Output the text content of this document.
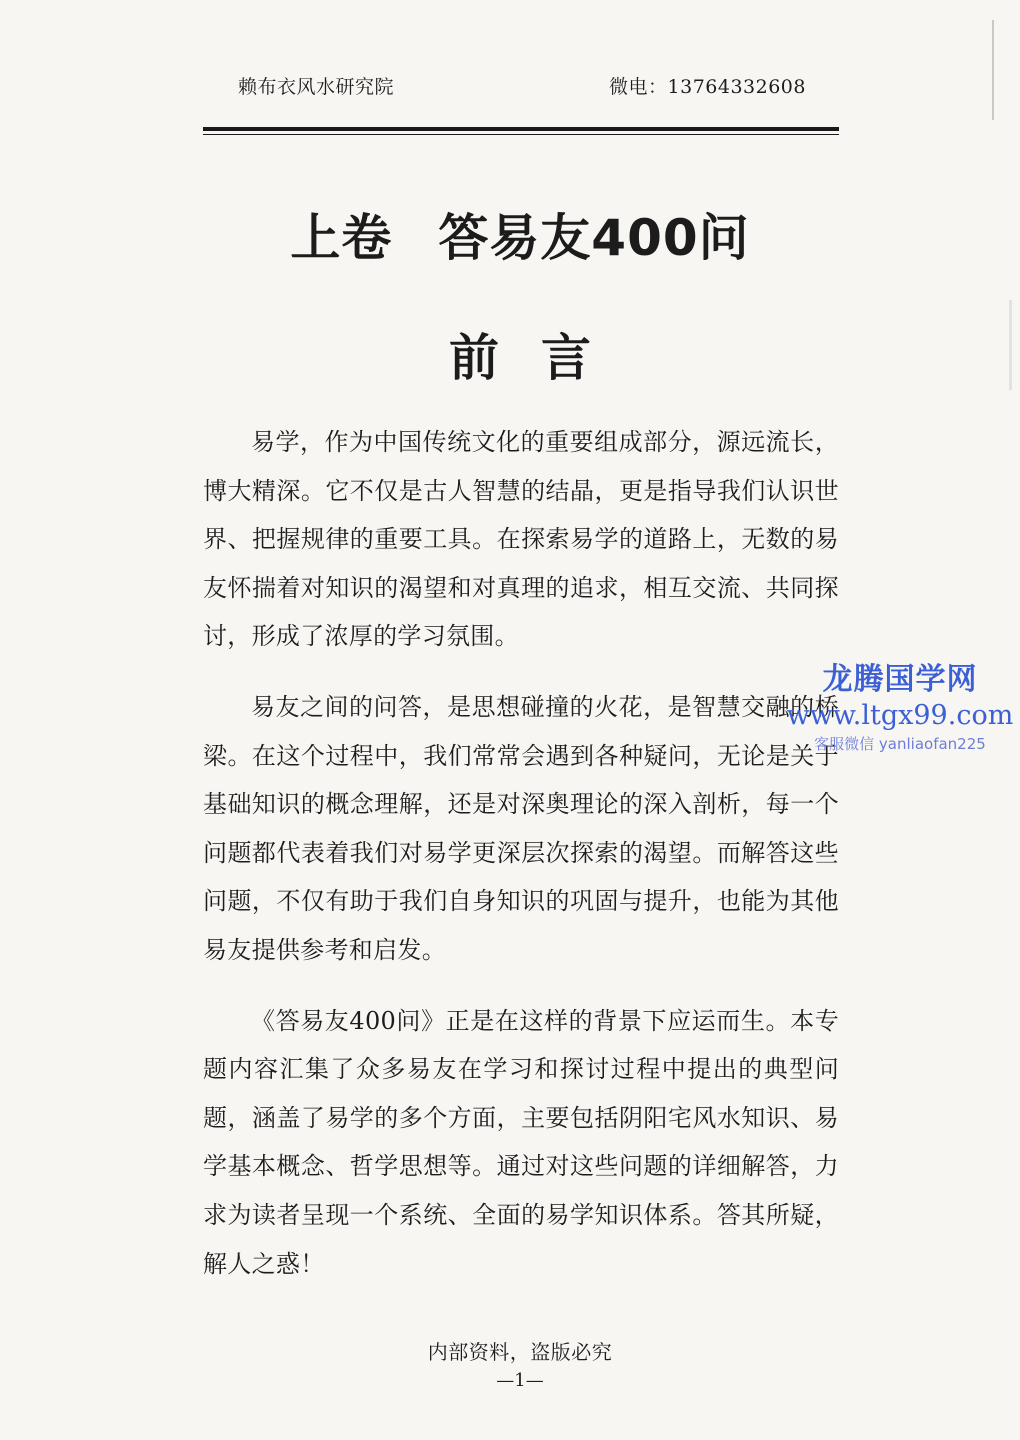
赖布衣风水研究院	微电：13764332608
上卷 答易友400问
前 言

易学，作为中国传统文化的重要组成部分，源远流长，博大精深。它不仅是古人智慧的结晶，更是指导我们认识世界、把握规律的重要工具。在探索易学的道路上，无数的易友怀揣着对知识的渴望和对真理的追求，相互交流、共同探讨，形成了浓厚的学习氛围。

易友之间的问答，是思想碰撞的火花，是智慧交融的桥梁。在这个过程中，我们常常会遇到各种疑问，无论是关于基础知识的概念理解，还是对深奥理论的深入剖析，每一个问题都代表着我们对易学更深层次探索的渴望。而解答这些问题，不仅有助于我们自身知识的巩固与提升，也能为其他易友提供参考和启发。

《答易友400问》正是在这样的背景下应运而生。本专题内容汇集了众多易友在学习和探讨过程中提出的典型问题，涵盖了易学的多个方面，主要包括阴阳宅风水知识、易学基本概念、哲学思想等。通过对这些问题的详细解答，力求为读者呈现一个系统、全面的易学知识体系。答其所疑，解人之惑！

龙腾国学网
www.ltgx99.com
客服微信 yanliaofan225
内部资料，盗版必究
—1—
